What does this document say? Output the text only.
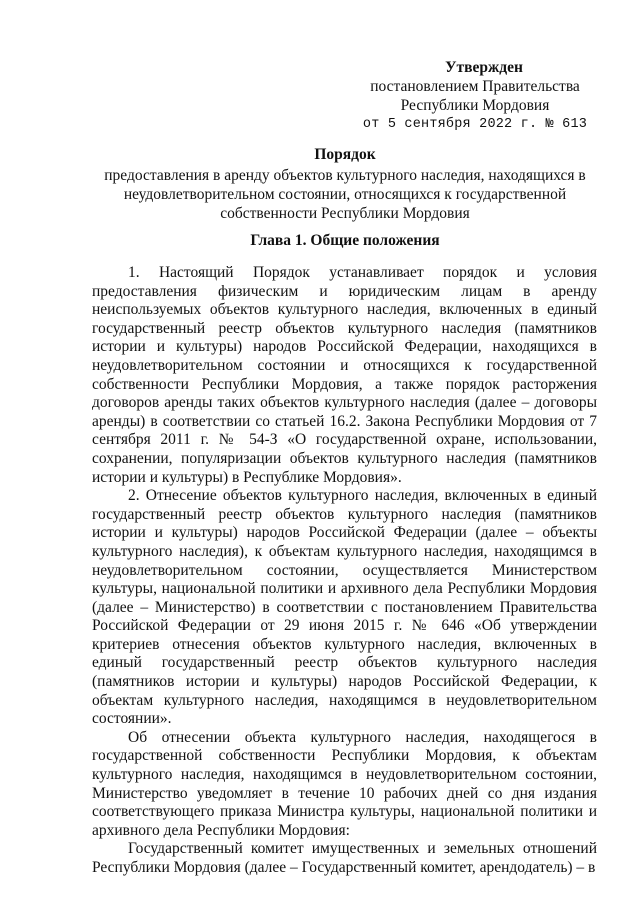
Утвержден
постановлением Правительства
Республики Мордовия
от 5 сентября 2022 г. № 613
Порядок
предоставления в аренду объектов культурного наследия, находящихся в
неудовлетворительном состоянии, относящихся к государственной
собственности Республики Мордовия
Глава 1. Общие положения

1. Настоящий Порядок устанавливает порядок и условия предоставления физическим и юридическим лицам в аренду неиспользуемых объектов культурного наследия, включенных в единый государственный реестр объектов культурного наследия (памятников истории и культуры) народов Российской Федерации, находящихся в неудовлетворительном состоянии и относящихся к государственной собственности Республики Мордовия, а также порядок расторжения договоров аренды таких объектов культурного наследия (далее – договоры аренды) в соответствии со статьей 16.2. Закона Республики Мордовия от 7 сентября 2011 г. № 54-З «О государственной охране, использовании, сохранении, популяризации объектов культурного наследия (памятников истории и культуры) в Республике Мордовия».

2. Отнесение объектов культурного наследия, включенных в единый государственный реестр объектов культурного наследия (памятников истории и культуры) народов Российской Федерации (далее – объекты культурного наследия), к объектам культурного наследия, находящимся в неудовлетворительном состоянии, осуществляется Министерством культуры, национальной политики и архивного дела Республики Мордовия (далее – Министерство) в соответствии с постановлением Правительства Российской Федерации от 29 июня 2015 г. № 646 «Об утверждении критериев отнесения объектов культурного наследия, включенных в единый государственный реестр объектов культурного наследия (памятников истории и культуры) народов Российской Федерации, к объектам культурного наследия, находящимся в неудовлетворительном состоянии».

Об отнесении объекта культурного наследия, находящегося в государственной собственности Республики Мордовия, к объектам культурного наследия, находящимся в неудовлетворительном состоянии, Министерство уведомляет в течение 10 рабочих дней со дня издания соответствующего приказа Министра культуры, национальной политики и архивного дела Республики Мордовия:

Государственный комитет имущественных и земельных отношений Республики Мордовия (далее – Государственный комитет, арендодатель) – в
